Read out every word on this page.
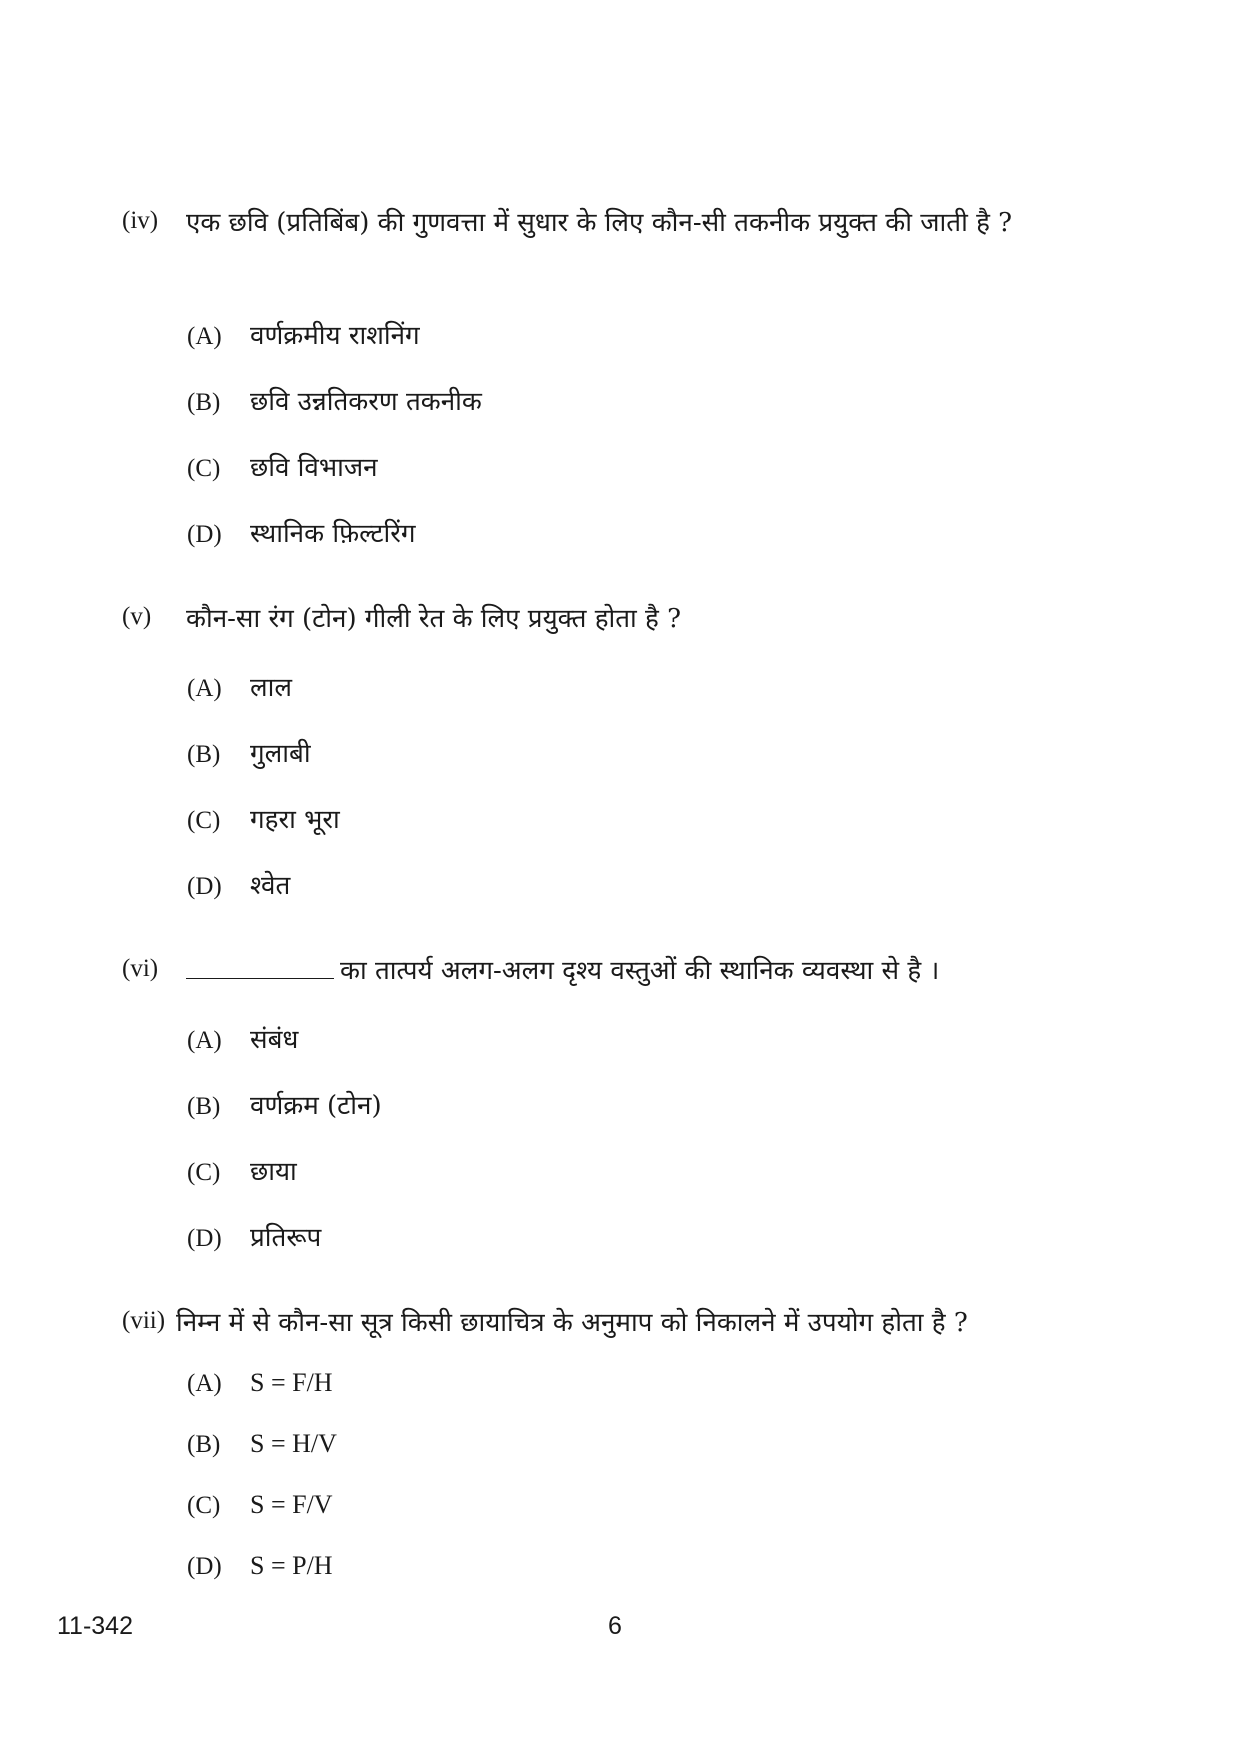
(iv) एक छवि (प्रतिबिंब) की गुणवत्ता में सुधार के लिए कौन-सी तकनीक प्रयुक्त की जाती है ?
(A) वर्णक्रमीय राशनिंग
(B) छवि उन्नतिकरण तकनीक
(C) छवि विभाजन
(D) स्थानिक फ़िल्टरिंग
(v) कौन-सा रंग (टोन) गीली रेत के लिए प्रयुक्त होता है ?
(A) लाल
(B) गुलाबी
(C) गहरा भूरा
(D) श्वेत
(vi)	का तात्पर्य अलग-अलग दृश्य वस्तुओं की स्थानिक व्यवस्था से है ।
(A) संबंध
(B) वर्णक्रम (टोन)
(C) छाया
(D) प्रतिरूप
(vii) निम्न में से कौन-सा सूत्र किसी छायाचित्र के अनुमाप को निकालने में उपयोग होता है ?
(A) S = F/H
(B) S = H/V
(C) S = F/V
(D) S = P/H
11-342	6
